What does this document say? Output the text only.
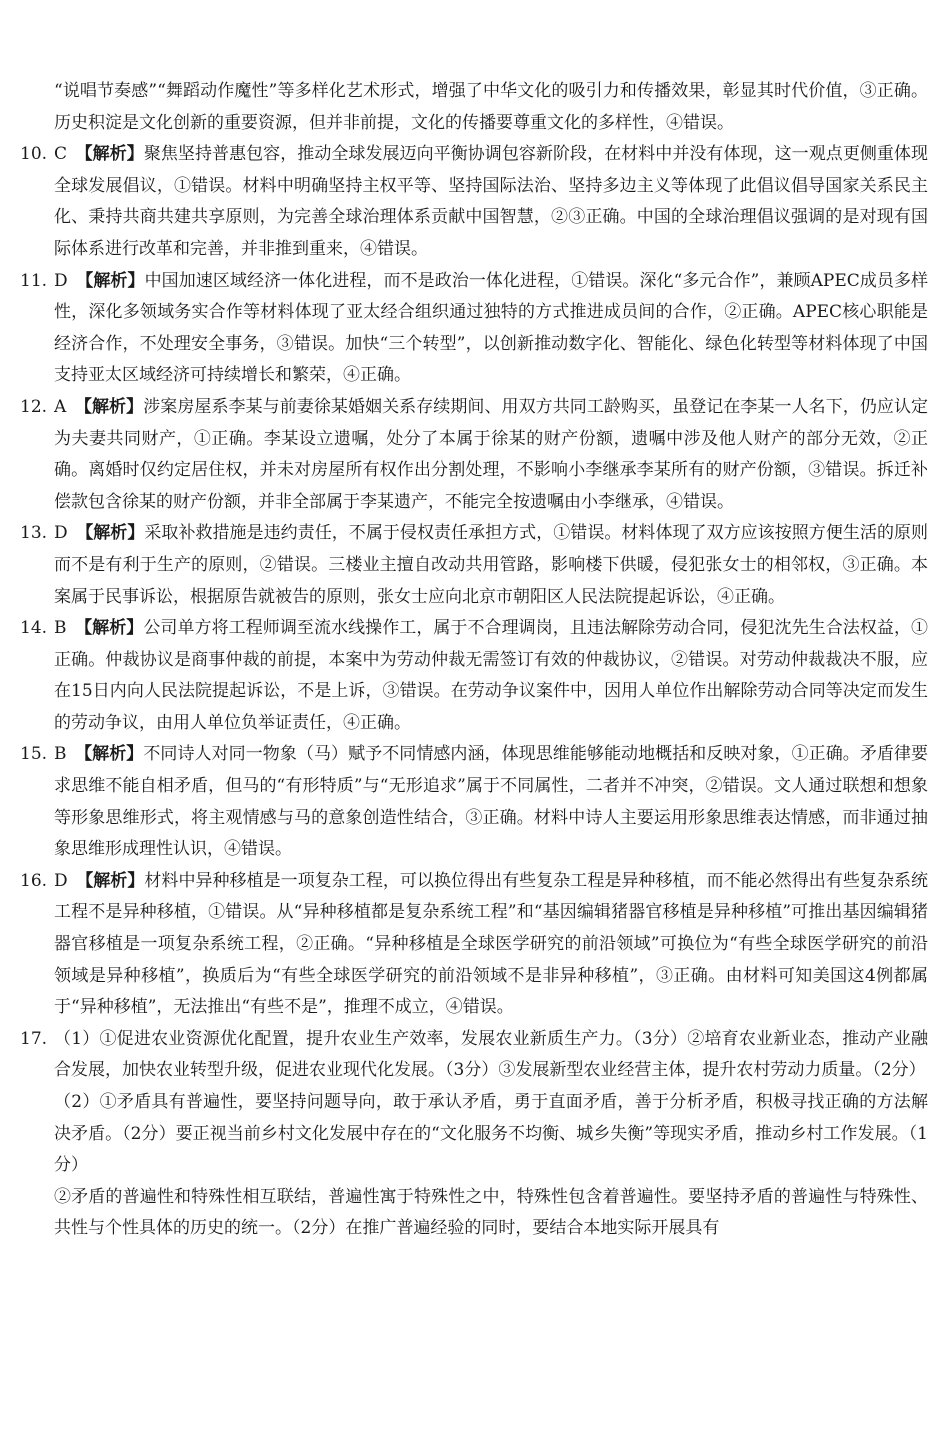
“说唱节奏感”“舞蹈动作魔性”等多样化艺术形式，增强了中华文化的吸引力和传播效果，彰显其时代价值，③正确。历史积淀是文化创新的重要资源，但并非前提，文化的传播要尊重文化的多样性，④错误。

10. C　 【解析】聚焦坚持普惠包容，推动全球发展迈向平衡协调包容新阶段，在材料中并没有体现，这一观点更侧重体现全球发展倡议，①错误。材料中明确坚持主权平等、坚持国际法治、坚持多边主义等体现了此倡议倡导国家关系民主化、秉持共商共建共享原则，为完善全球治理体系贡献中国智慧，②③正确。中国的全球治理倡议强调的是对现有国际体系进行改革和完善，并非推到重来，④错误。

11. D　 【解析】中国加速区域经济一体化进程，而不是政治一体化进程，①错误。深化“多元合作”，兼顾APEC成员多样性，深化多领域务实合作等材料体现了亚太经合组织通过独特的方式推进成员间的合作，②正确。APEC核心职能是经济合作，不处理安全事务，③错误。加快“三个转型”，以创新推动数字化、智能化、绿色化转型等材料体现了中国支持亚太区域经济可持续增长和繁荣，④正确。

12. A　 【解析】涉案房屋系李某与前妻徐某婚姻关系存续期间、用双方共同工龄购买，虽登记在李某一人名下，仍应认定为夫妻共同财产，①正确。李某设立遗嘱，处分了本属于徐某的财产份额，遗嘱中涉及他人财产的部分无效，②正确。离婚时仅约定居住权，并未对房屋所有权作出分割处理，不影响小李继承李某所有的财产份额，③错误。拆迁补偿款包含徐某的财产份额，并非全部属于李某遗产，不能完全按遗嘱由小李继承，④错误。

13. D　 【解析】采取补救措施是违约责任，不属于侵权责任承担方式，①错误。材料体现了双方应该按照方便生活的原则而不是有利于生产的原则，②错误。三楼业主擅自改动共用管路，影响楼下供暖，侵犯张女士的相邻权，③正确。本案属于民事诉讼，根据原告就被告的原则，张女士应向北京市朝阳区人民法院提起诉讼，④正确。

14. B　 【解析】公司单方将工程师调至流水线操作工，属于不合理调岗，且违法解除劳动合同，侵犯沈先生合法权益，①正确。仲裁协议是商事仲裁的前提，本案中为劳动仲裁无需签订有效的仲裁协议，②错误。对劳动仲裁裁决不服，应在15日内向人民法院提起诉讼，不是上诉，③错误。在劳动争议案件中，因用人单位作出解除劳动合同等决定而发生的劳动争议，由用人单位负举证责任，④正确。

15. B　 【解析】不同诗人对同一物象（马）赋予不同情感内涵，体现思维能够能动地概括和反映对象，①正确。矛盾律要求思维不能自相矛盾，但马的“有形特质”与“无形追求”属于不同属性，二者并不冲突，②错误。文人通过联想和想象等形象思维形式，将主观情感与马的意象创造性结合，③正确。材料中诗人主要运用形象思维表达情感，而非通过抽象思维形成理性认识，④错误。

16. D　 【解析】材料中异种移植是一项复杂工程，可以换位得出有些复杂工程是异种移植，而不能必然得出有些复杂系统工程不是异种移植，①错误。从“异种移植都是复杂系统工程”和“基因编辑猪器官移植是异种移植”可推出基因编辑猪器官移植是一项复杂系统工程，②正确。“异种移植是全球医学研究的前沿领域”可换位为“有些全球医学研究的前沿领域是异种移植”，换质后为“有些全球医学研究的前沿领域不是非异种移植”，③正确。由材料可知美国这4例都属于“异种移植”，无法推出“有些不是”，推理不成立，④错误。

17. （1）①促进农业资源优化配置，提升农业生产效率，发展农业新质生产力。（3分）②培育农业新业态，推动产业融合发展，加快农业转型升级，促进农业现代化发展。（3分）③发展新型农业经营主体，提升农村劳动力质量。（2分）

（2）①矛盾具有普遍性，要坚持问题导向，敢于承认矛盾，勇于直面矛盾，善于分析矛盾，积极寻找正确的方法解决矛盾。（2分）要正视当前乡村文化发展中存在的“文化服务不均衡、城乡失衡”等现实矛盾，推动乡村工作发展。（1分）

②矛盾的普遍性和特殊性相互联结，普遍性寓于特殊性之中，特殊性包含着普遍性。要坚持矛盾的普遍性与特殊性、共性与个性具体的历史的统一。（2分）在推广普遍经验的同时，要结合本地实际开展具有
